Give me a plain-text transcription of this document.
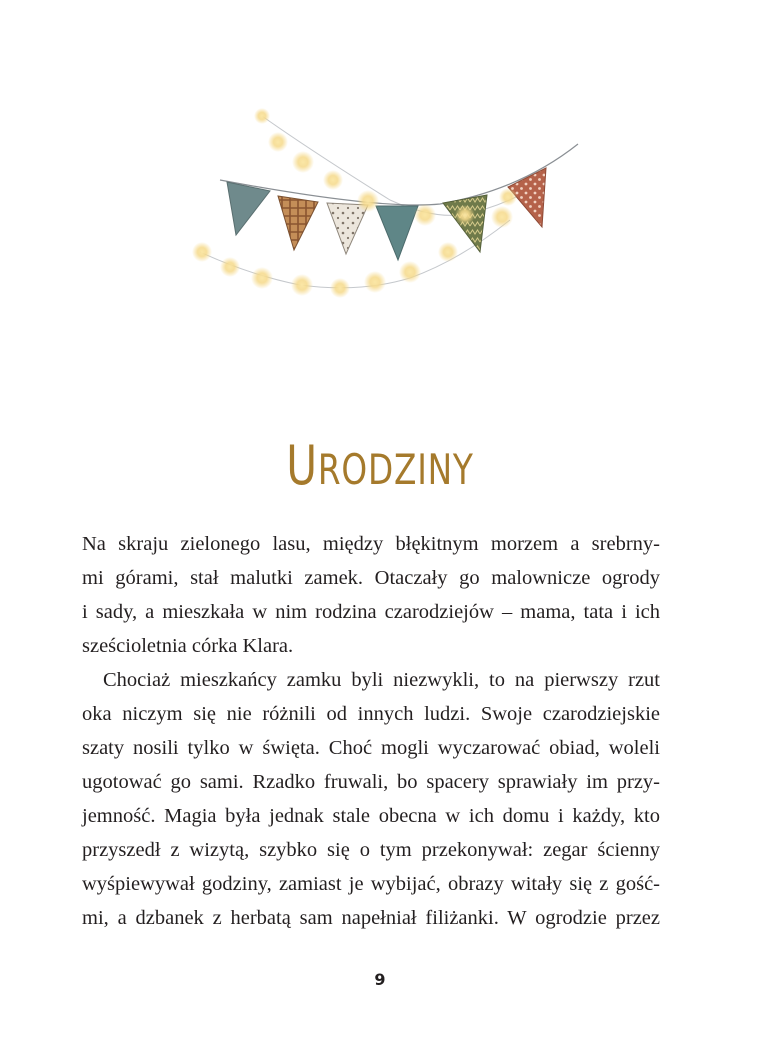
URODZINY
Na skraju zielonego lasu, między błękitnym morzem a srebrny-
mi górami, stał malutki zamek. Otaczały go malownicze ogrody
i sady, a mieszkała w nim rodzina czarodziejów – mama, tata i ich
sześcioletnia córka Klara.
Chociaż mieszkańcy zamku byli niezwykli, to na pierwszy rzut
oka niczym się nie różnili od innych ludzi. Swoje czarodziejskie
szaty nosili tylko w święta. Choć mogli wyczarować obiad, woleli
ugotować go sami. Rzadko fruwali, bo spacery sprawiały im przy-
jemność. Magia była jednak stale obecna w ich domu i każdy, kto
przyszedł z wizytą, szybko się o tym przekonywał: zegar ścienny
wyśpiewywał godziny, zamiast je wybijać, obrazy witały się z gość-
mi, a dzbanek z herbatą sam napełniał filiżanki. W ogrodzie przez
9
